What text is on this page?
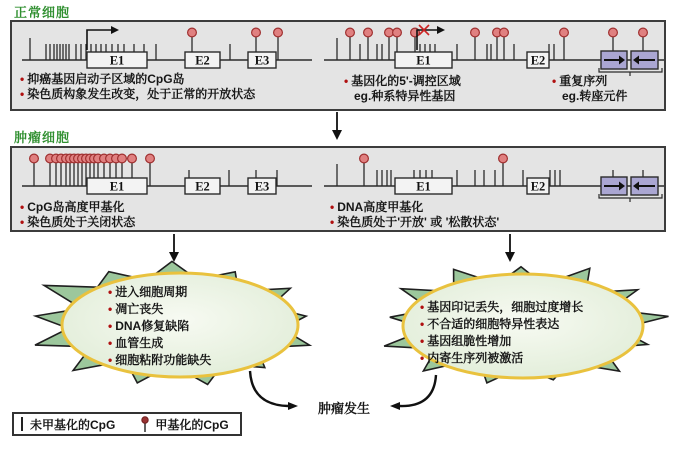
正常细胞
E1	E2	E3	E1	E2
• 抑癌基因启动子区域的CpG岛
• 染色质构象发生改变，处于正常的开放状态
• 基因化的5'-调控区域
eg.种系特异性基因
• 重复序列
eg.转座元件
肿瘤细胞
E1	E2	E3	E1	E2
• CpG岛高度甲基化
• 染色质处于关闭状态
• DNA高度甲基化
• 染色质处于'开放' 或 '松散状态'
• 进入细胞周期
• 凋亡丧失
• DNA修复缺陷
• 血管生成
• 细胞粘附功能缺失
• 基因印记丢失，细胞过度增长
• 不合适的细胞特异性表达
• 基因组脆性增加
• 内寄生序列被激活
肿瘤发生
未甲基化的CpG	甲基化的CpG
